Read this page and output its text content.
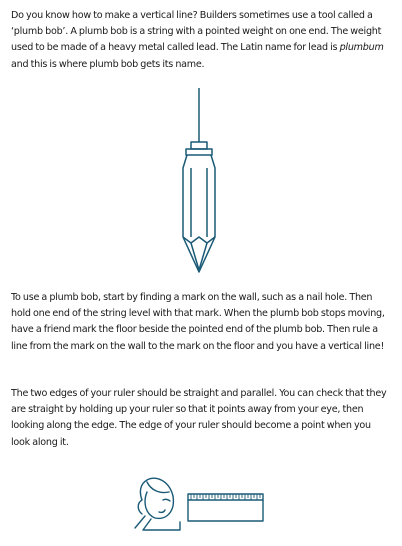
Do you know how to make a vertical line? Builders sometimes use a tool called a ‘plumb bob’. A plumb bob is a string with a pointed weight on one end. The weight used to be made of a heavy metal called lead. The Latin name for lead is plumbum and this is where plumb bob gets its name.

To use a plumb bob, start by finding a mark on the wall, such as a nail hole. Then hold one end of the string level with that mark. When the plumb bob stops moving, have a friend mark the floor beside the pointed end of the plumb bob. Then rule a line from the mark on the wall to the mark on the floor and you have a vertical line!

The two edges of your ruler should be straight and parallel. You can check that they are straight by holding up your ruler so that it points away from your eye, then looking along the edge. The edge of your ruler should become a point when you look along it.
